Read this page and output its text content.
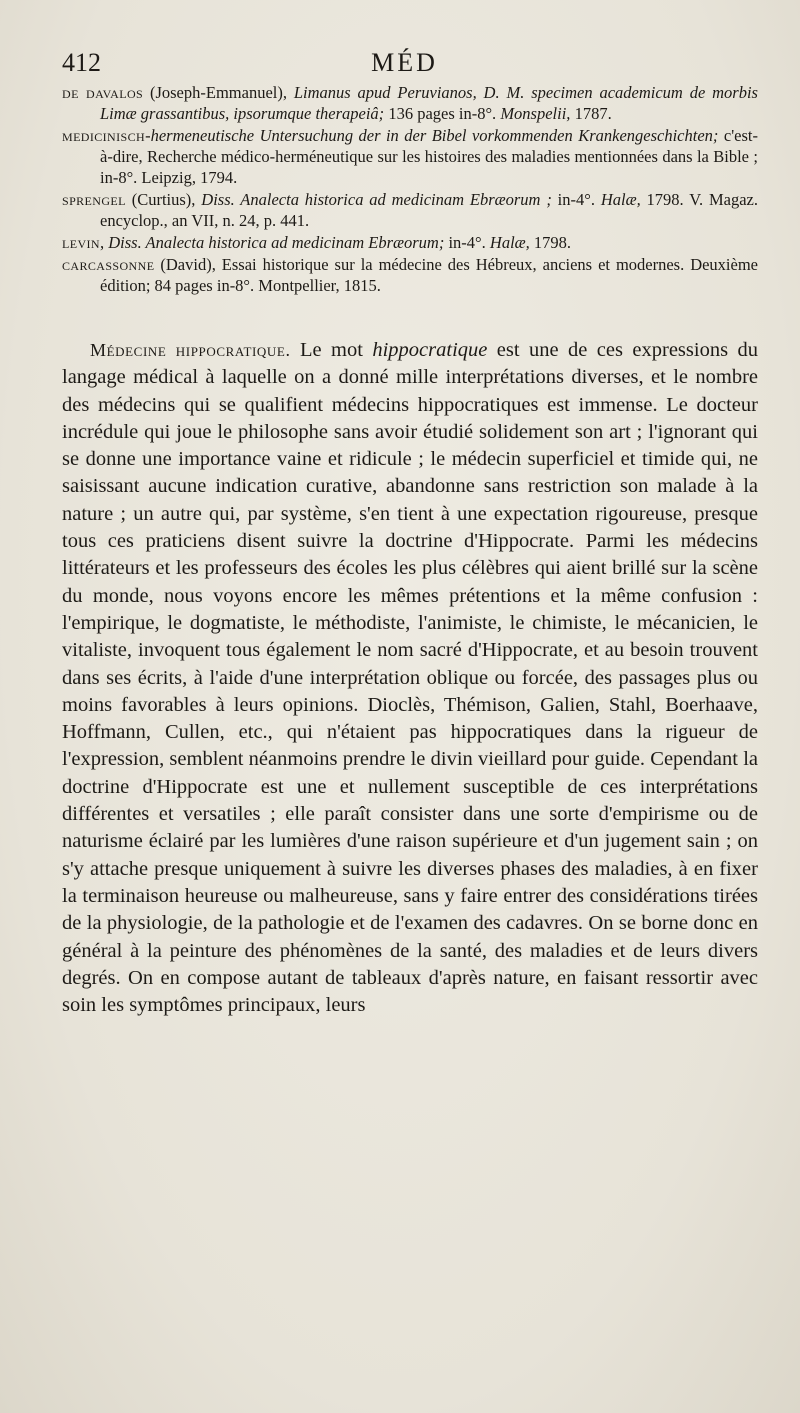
412	MÉD

de davalos (Joseph-Emmanuel), Limanus apud Peruvianos, D. M. specimen academicum de morbis Limæ grassantibus, ipsorumque therapeiâ; 136 pages in-8°. Monspelii, 1787.

medicinisch-hermeneutische Untersuchung der in der Bibel vorkommenden Krankengeschichten; c'est-à-dire, Recherche médico-herméneutique sur les histoires des maladies mentionnées dans la Bible ; in-8°. Leipzig, 1794.

sprengel (Curtius), Diss. Analecta historica ad medicinam Ebræorum ; in-4°. Halæ, 1798. V. Magaz. encyclop., an VII, n. 24, p. 441.

levin, Diss. Analecta historica ad medicinam Ebræorum; in-4°. Halæ, 1798.

carcassonne (David), Essai historique sur la médecine des Hébreux, anciens et modernes. Deuxième édition; 84 pages in-8°. Montpellier, 1815.

Médecine hippocratique. Le mot hippocratique est une de ces expressions du langage médical à laquelle on a donné mille interprétations diverses, et le nombre des médecins qui se qualifient médecins hippocratiques est immense. Le docteur incrédule qui joue le philosophe sans avoir étudié solidement son art ; l'ignorant qui se donne une importance vaine et ridicule ; le médecin superficiel et timide qui, ne saisissant aucune indication curative, abandonne sans restriction son malade à la nature ; un autre qui, par système, s'en tient à une expectation rigoureuse, presque tous ces praticiens disent suivre la doctrine d'Hippocrate. Parmi les médecins littérateurs et les professeurs des écoles les plus célèbres qui aient brillé sur la scène du monde, nous voyons encore les mêmes prétentions et la même confusion : l'empirique, le dogmatiste, le méthodiste, l'animiste, le chimiste, le mécanicien, le vitaliste, invoquent tous également le nom sacré d'Hippocrate, et au besoin trouvent dans ses écrits, à l'aide d'une interprétation oblique ou forcée, des passages plus ou moins favorables à leurs opinions. Dioclès, Thémison, Galien, Stahl, Boerhaave, Hoffmann, Cullen, etc., qui n'étaient pas hippocratiques dans la rigueur de l'expression, semblent néanmoins prendre le divin vieillard pour guide. Cependant la doctrine d'Hippocrate est une et nullement susceptible de ces interprétations différentes et versatiles ; elle paraît consister dans une sorte d'empirisme ou de naturisme éclairé par les lumières d'une raison supérieure et d'un jugement sain ; on s'y attache presque uniquement à suivre les diverses phases des maladies, à en fixer la terminaison heureuse ou malheureuse, sans y faire entrer des considérations tirées de la physiologie, de la pathologie et de l'examen des cadavres. On se borne donc en général à la peinture des phénomènes de la santé, des maladies et de leurs divers degrés. On en compose autant de tableaux d'après nature, en faisant ressortir avec soin les symptômes principaux, leurs
